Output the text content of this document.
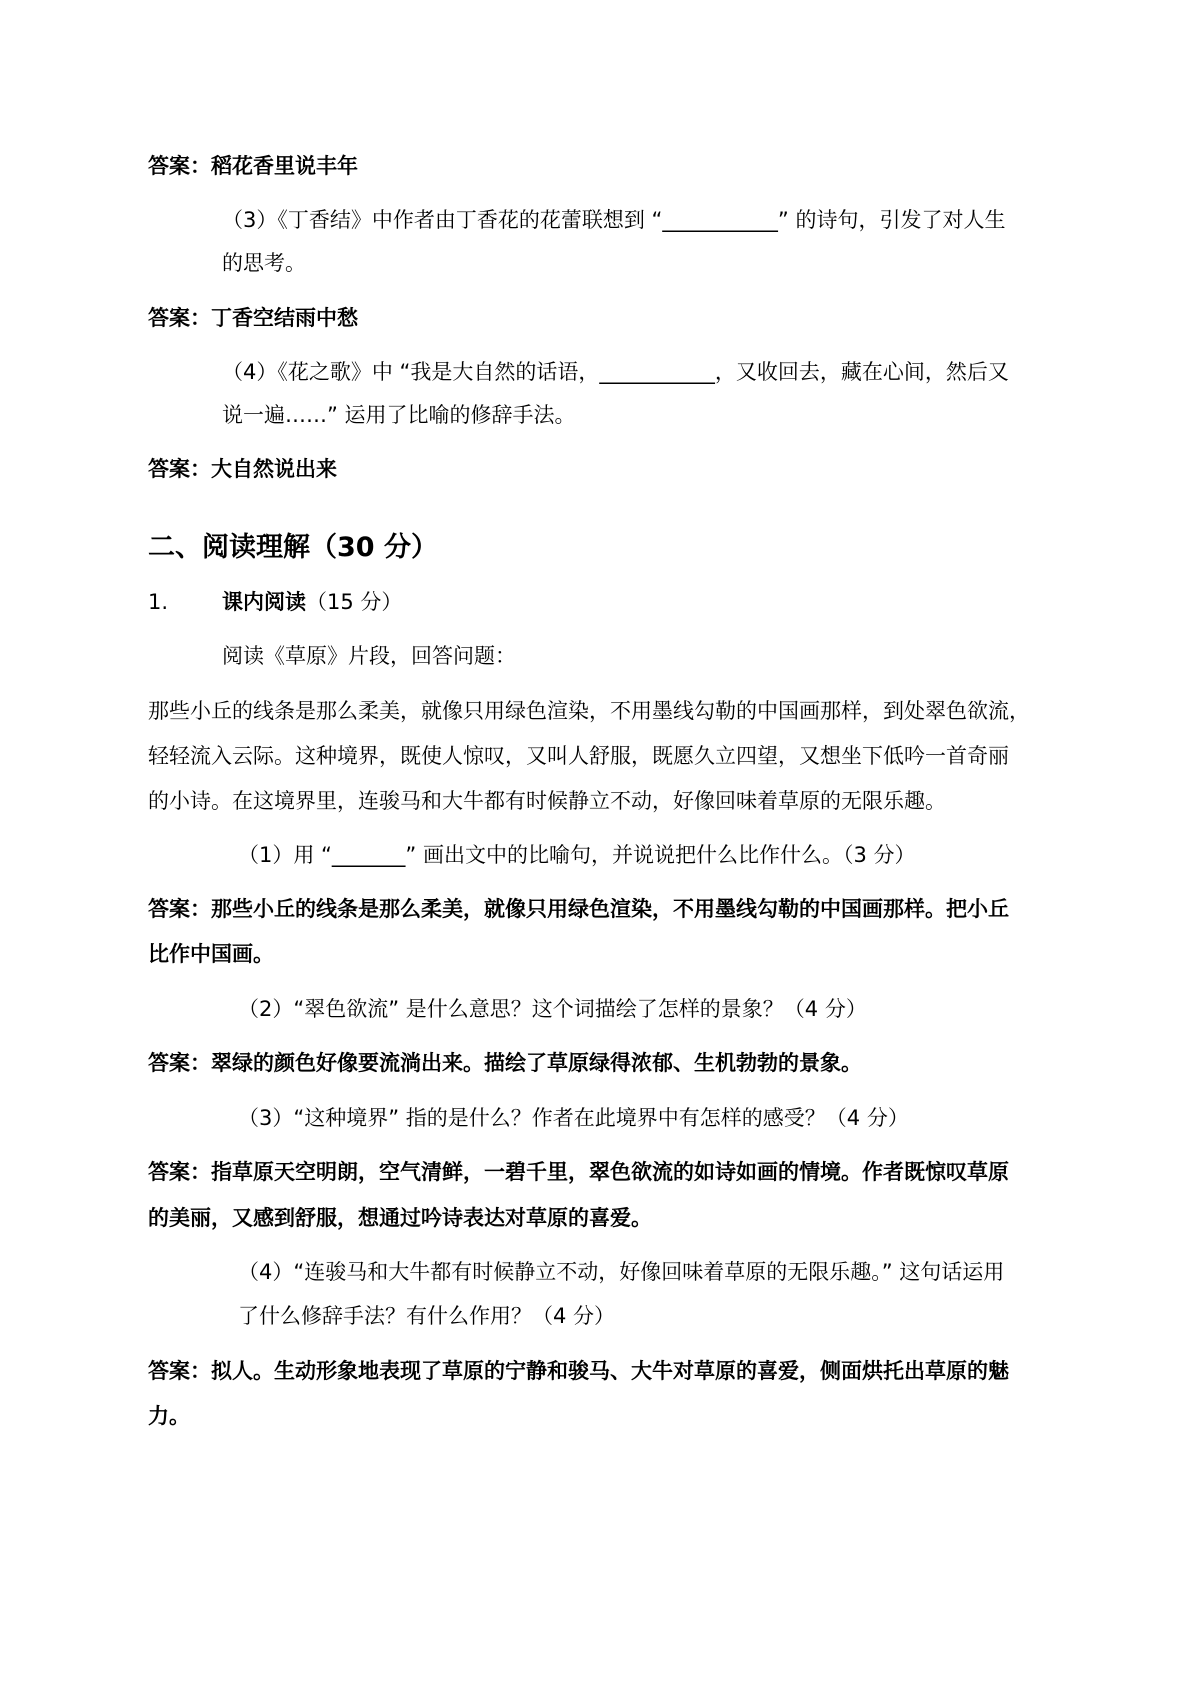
答案：稻花香里说丰年
（3）《丁香结》中作者由丁香花的花蕾联想到 “___________” 的诗句，引发了对人生
的思考。
答案：丁香空结雨中愁
（4）《花之歌》中 “我是大自然的话语，___________，又收回去，藏在心间，然后又
说一遍……” 运用了比喻的修辞手法。
答案：大自然说出来
二、阅读理解（30 分）
1.	课内阅读（15 分）
阅读《草原》片段，回答问题：
那些小丘的线条是那么柔美，就像只用绿色渲染，不用墨线勾勒的中国画那样，到处翠色欲流，
轻轻流入云际。这种境界，既使人惊叹，又叫人舒服，既愿久立四望，又想坐下低吟一首奇丽
的小诗。在这境界里，连骏马和大牛都有时候静立不动，好像回味着草原的无限乐趣。
（1）用 “_______” 画出文中的比喻句，并说说把什么比作什么。（3 分）
答案：那些小丘的线条是那么柔美，就像只用绿色渲染，不用墨线勾勒的中国画那样。把小丘
比作中国画。
（2）“翠色欲流” 是什么意思？这个词描绘了怎样的景象？（4 分）
答案：翠绿的颜色好像要流淌出来。描绘了草原绿得浓郁、生机勃勃的景象。
（3）“这种境界” 指的是什么？作者在此境界中有怎样的感受？（4 分）
答案：指草原天空明朗，空气清鲜，一碧千里，翠色欲流的如诗如画的情境。作者既惊叹草原
的美丽，又感到舒服，想通过吟诗表达对草原的喜爱。
（4）“连骏马和大牛都有时候静立不动，好像回味着草原的无限乐趣。” 这句话运用
了什么修辞手法？有什么作用？（4 分）
答案：拟人。生动形象地表现了草原的宁静和骏马、大牛对草原的喜爱，侧面烘托出草原的魅
力。
